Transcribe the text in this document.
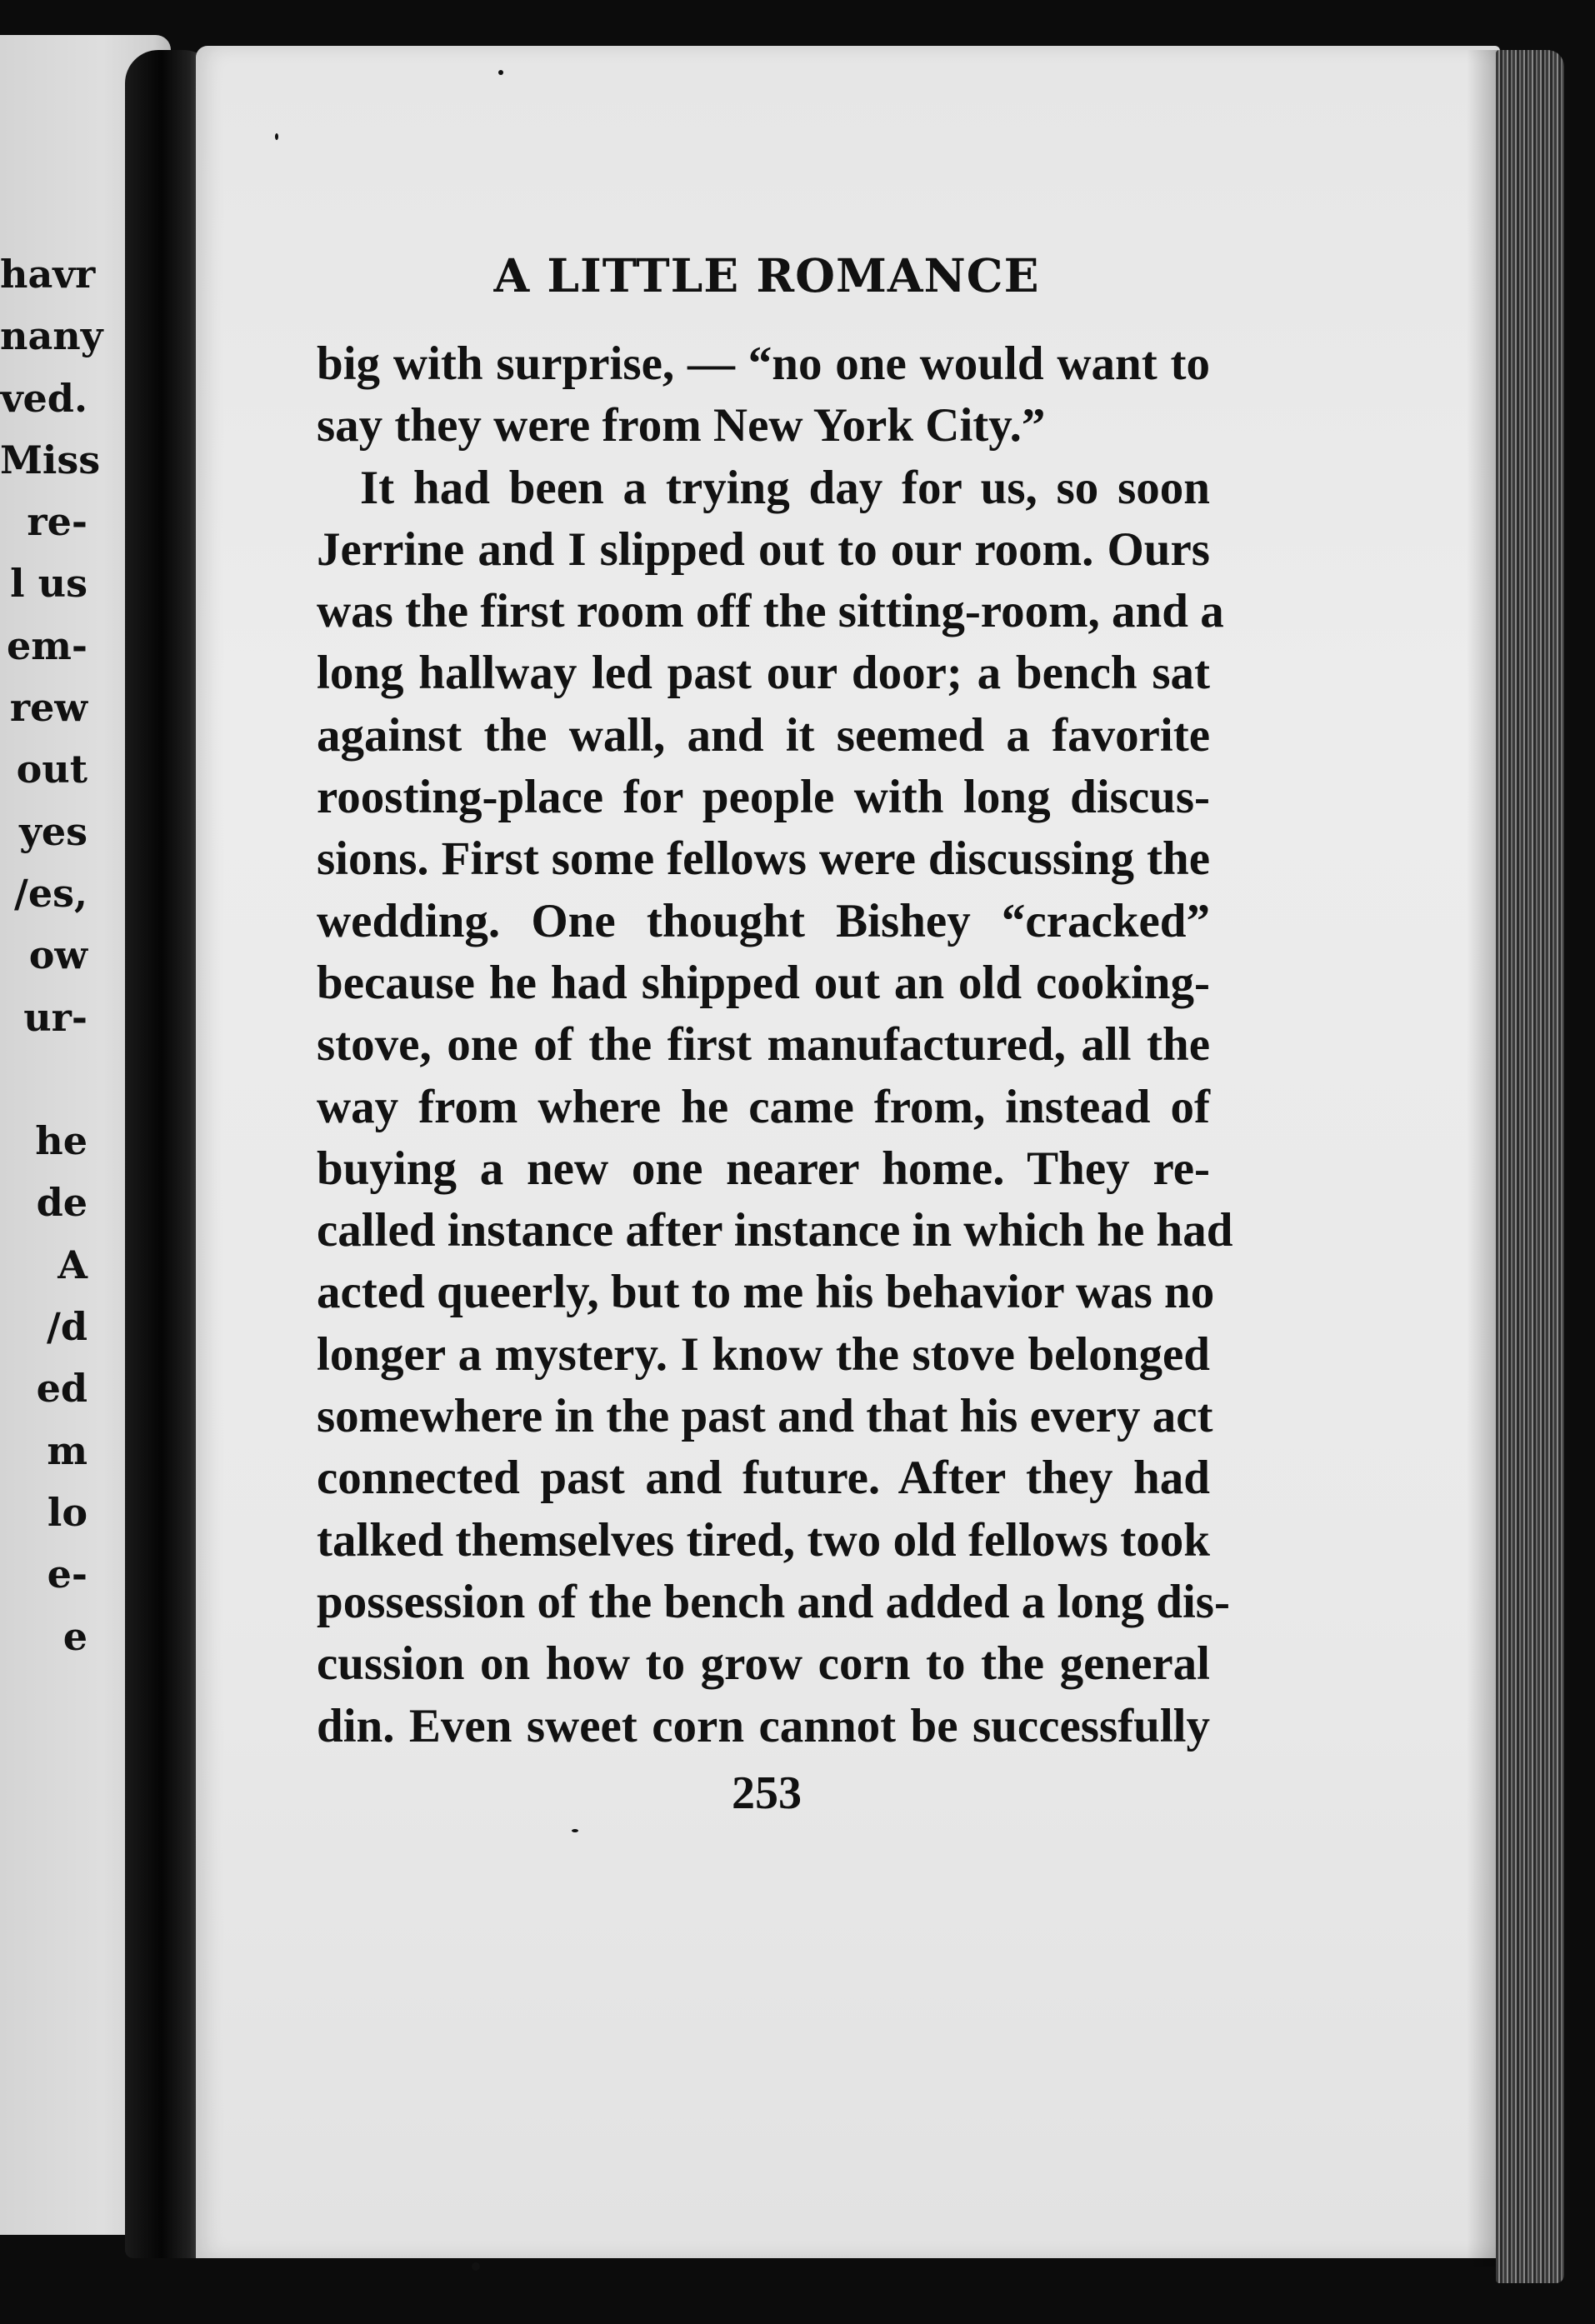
havr
nany
ved.
Miss
re-
l us
em-
rew
out
yes
/es,
ow
ur-
he
de
A
/d
ed
m
lo
e-
e
A LITTLE ROMANCE
big with surprise, — “no one would want to
say they were from New York City.”
It had been a trying day for us, so soon
Jerrine and I slipped out to our room. Ours
was the first room off the sitting-room, and a
long hallway led past our door; a bench sat
against the wall, and it seemed a favorite
roosting-place for people with long discus-
sions. First some fellows were discussing the
wedding. One thought Bishey “cracked”
because he had shipped out an old cooking-
stove, one of the first manufactured, all the
way from where he came from, instead of
buying a new one nearer home. They re-
called instance after instance in which he had
acted queerly, but to me his behavior was no
longer a mystery. I know the stove belonged
somewhere in the past and that his every act
connected past and future. After they had
talked themselves tired, two old fellows took
possession of the bench and added a long dis-
cussion on how to grow corn to the general
din. Even sweet corn cannot be successfully

253
